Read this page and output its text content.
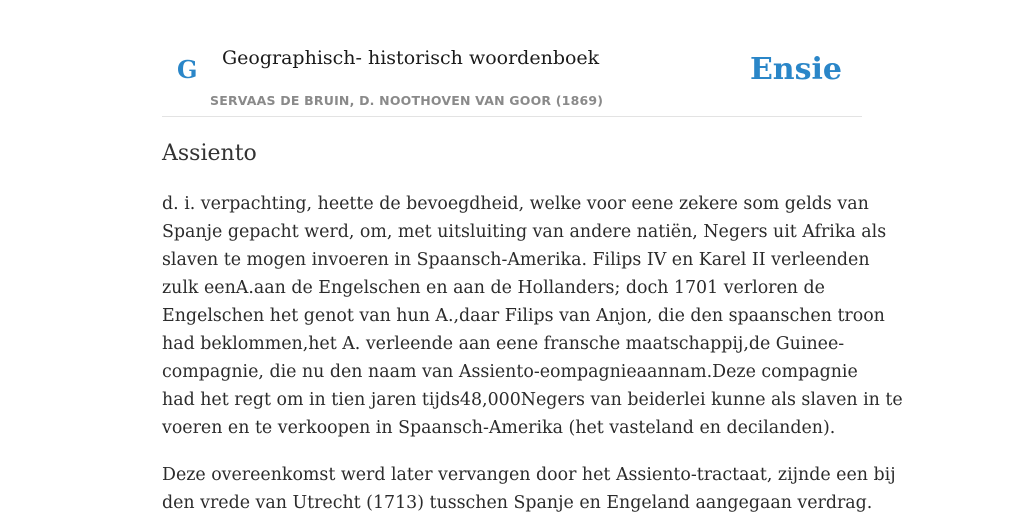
G Geographisch- historisch woordenboek
SERVAAS DE BRUIN, D. NOOTHOVEN VAN GOOR (1869)
Ensie
Assiento

d. i. verpachting, heette de bevoegdheid, welke voor eene zekere som gelds van

Spanje gepacht werd, om, met uitsluiting van andere natiën, Negers uit Afrika als

slaven te mogen invoeren in Spaansch-Amerika. Filips IV en Karel II verleenden

zulk eenA.aan de Engelschen en aan de Hollanders; doch 1701 verloren de

Engelschen het genot van hun A.,daar Filips van Anjon, die den spaanschen troon

had beklommen,het A. verleende aan eene fransche maatschappij,de Guinee-

compagnie, die nu den naam van Assiento-eompagnieaannam.Deze compagnie

had het regt om in tien jaren tijds48,000Negers van beiderlei kunne als slaven in te

voeren en te verkoopen in Spaansch-Amerika (het vasteland en decilanden).

Deze overeenkomst werd later vervangen door het Assiento-tractaat, zijnde een bij

den vrede van Utrecht (1713) tusschen Spanje en Engeland aangegaan verdrag.
